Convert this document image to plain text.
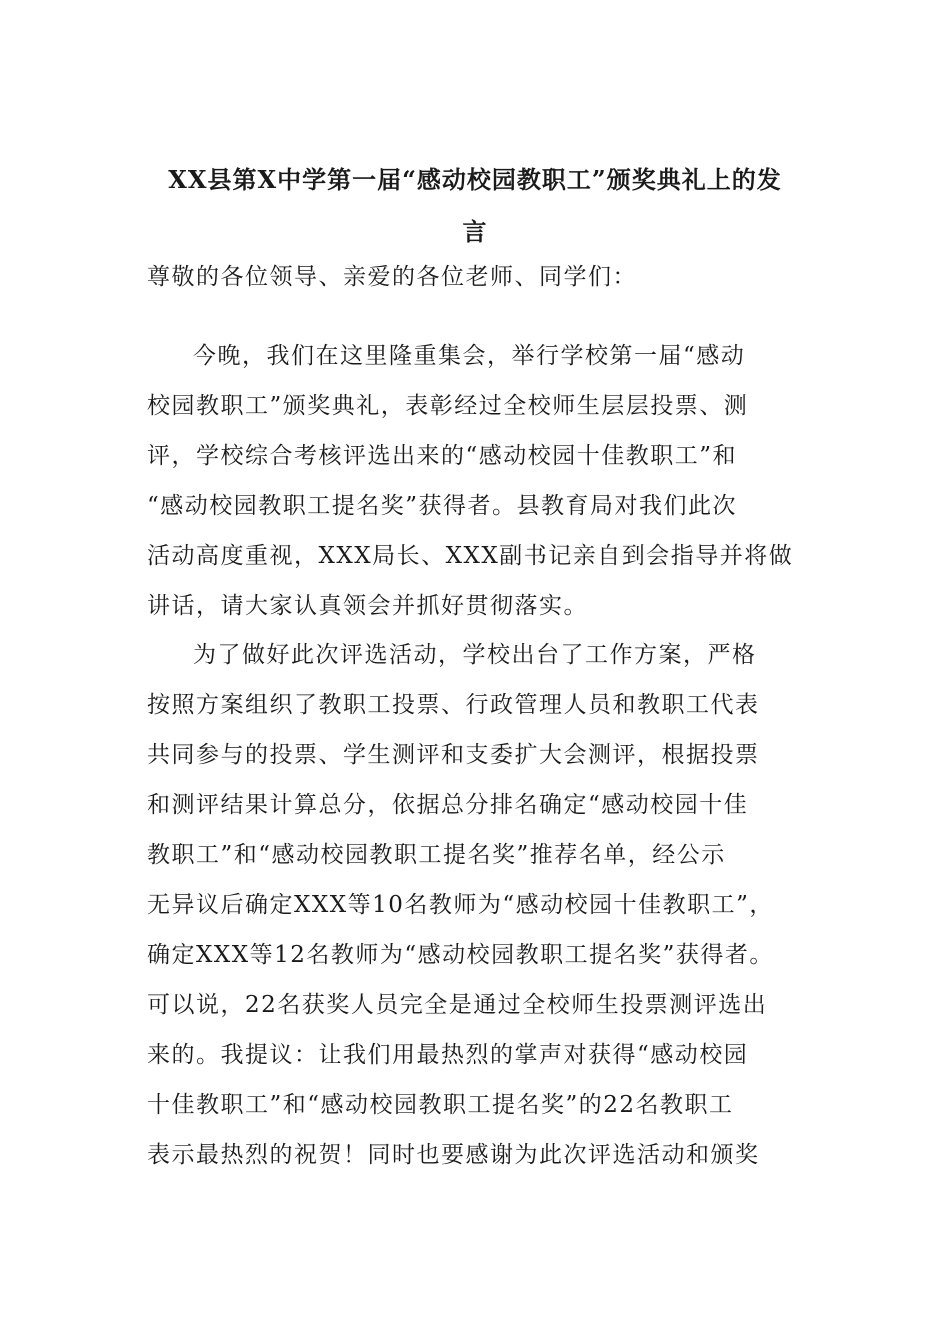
XX县第X中学第一届“感动校园教职工”颁奖典礼上的发
言

尊敬的各位领导、亲爱的各位老师、同学们：

今晚，我们在这里隆重集会，举行学校第一届“感动

校园教职工”颁奖典礼，表彰经过全校师生层层投票、测

评，学校综合考核评选出来的“感动校园十佳教职工”和

“感动校园教职工提名奖”获得者。县教育局对我们此次

活动高度重视，XXX局长、XXX副书记亲自到会指导并将做

讲话，请大家认真领会并抓好贯彻落实。

为了做好此次评选活动，学校出台了工作方案，严格

按照方案组织了教职工投票、行政管理人员和教职工代表

共同参与的投票、学生测评和支委扩大会测评，根据投票

和测评结果计算总分，依据总分排名确定“感动校园十佳

教职工”和“感动校园教职工提名奖”推荐名单，经公示

无异议后确定XXX等10名教师为“感动校园十佳教职工”，

确定XXX等12名教师为“感动校园教职工提名奖”获得者。

可以说，22名获奖人员完全是通过全校师生投票测评选出

来的。我提议：让我们用最热烈的掌声对获得“感动校园

十佳教职工”和“感动校园教职工提名奖”的22名教职工

表示最热烈的祝贺！同时也要感谢为此次评选活动和颁奖
